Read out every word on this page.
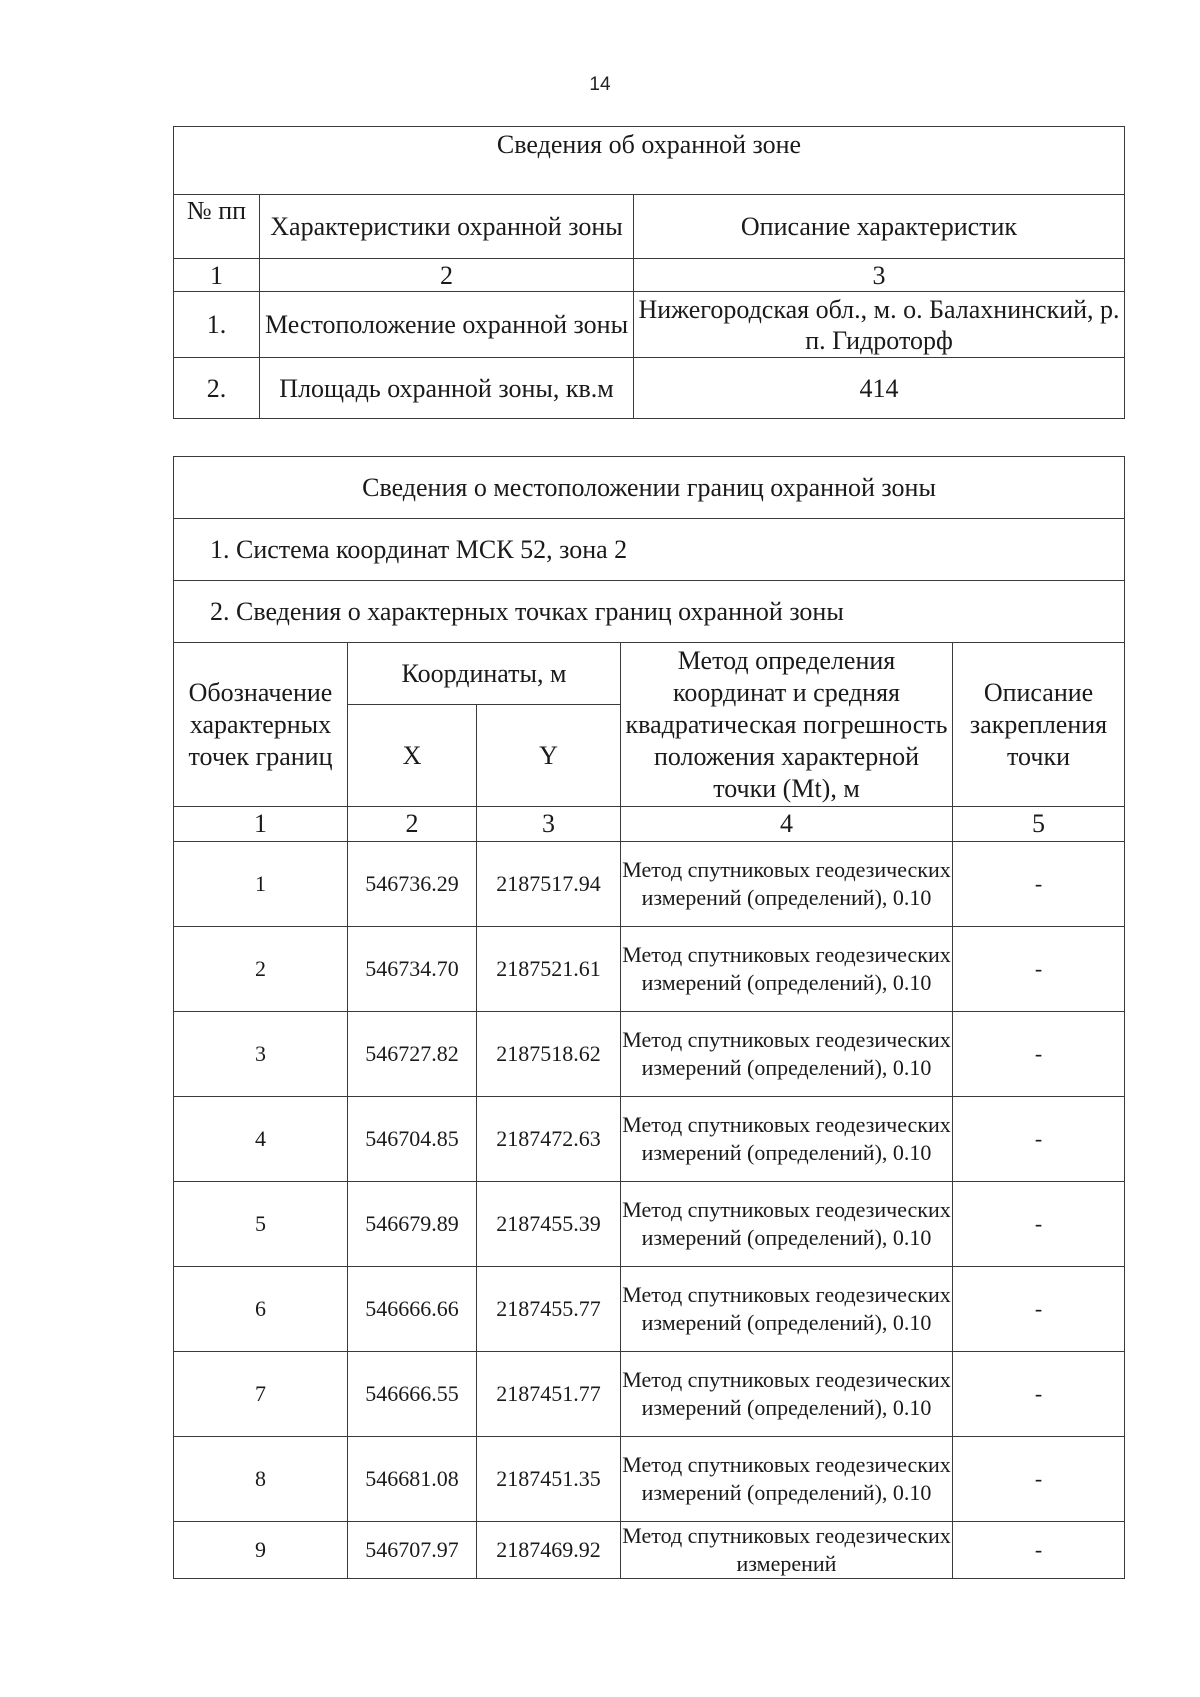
14
Сведения об охранной зоне		
№ пп	Характеристики охранной зоны	Описание характеристик
1	2	3
1.	Местоположение охранной зоны	Нижегородская обл., м. о. Балахнинский, р. п. Гидроторф
2.	Площадь охранной зоны, кв.м	414
Сведения о местоположении границ охранной зоны				
1. Система координат МСК 52, зона 2				
2. Сведения о характерных точках границ охранной зоны				
Обозначение характерных точек границ	Координаты, м		Метод определения координат и средняя квадратическая погрешность положения характерной точки (Mt), м	Описание закрепления точки
	X	Y		
1	2	3	4	5
1	546736.29	2187517.94	Метод спутниковых геодезических измерений (определений), 0.10	-
2	546734.70	2187521.61	Метод спутниковых геодезических измерений (определений), 0.10	-
3	546727.82	2187518.62	Метод спутниковых геодезических измерений (определений), 0.10	-
4	546704.85	2187472.63	Метод спутниковых геодезических измерений (определений), 0.10	-
5	546679.89	2187455.39	Метод спутниковых геодезических измерений (определений), 0.10	-
6	546666.66	2187455.77	Метод спутниковых геодезических измерений (определений), 0.10	-
7	546666.55	2187451.77	Метод спутниковых геодезических измерений (определений), 0.10	-
8	546681.08	2187451.35	Метод спутниковых геодезических измерений (определений), 0.10	-
9	546707.97	2187469.92	Метод спутниковых геодезических измерений	-
